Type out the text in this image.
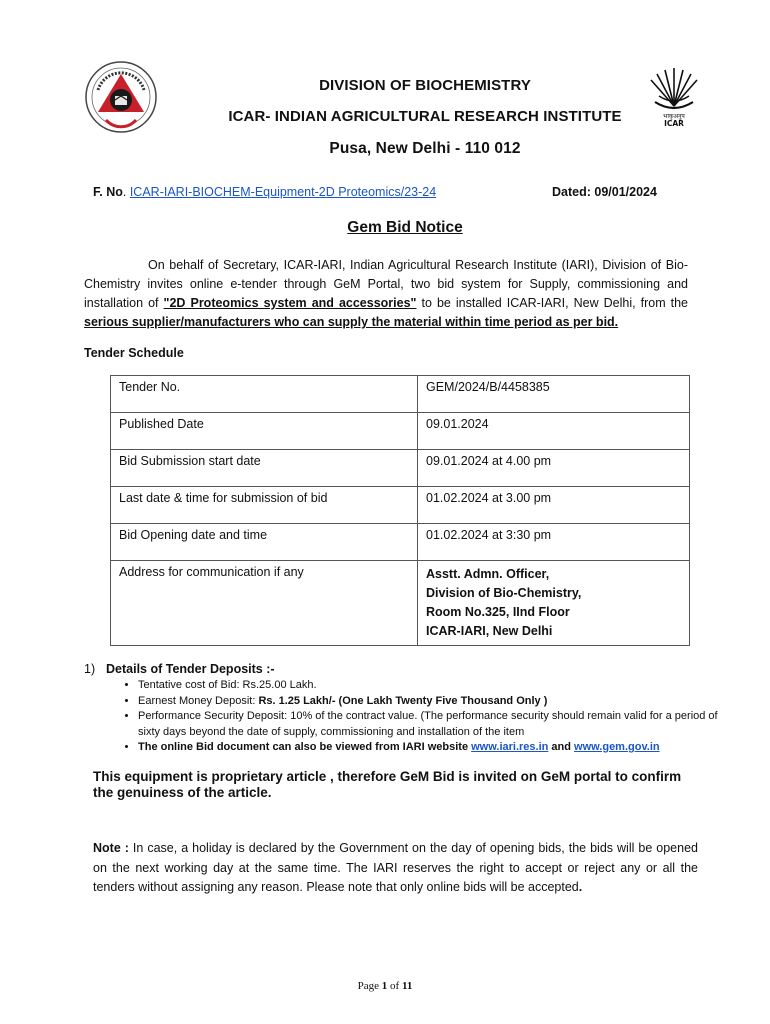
भाकृअनुप
ICAR
DIVISION OF BIOCHEMISTRY
ICAR- INDIAN AGRICULTURAL RESEARCH INSTITUTE
Pusa, New Delhi - 110 012
F. No. ICAR-IARI-BIOCHEM-Equipment-2D Proteomics/23-24	Dated: 09/01/2024
Gem Bid Notice
On behalf of Secretary, ICAR-IARI, Indian Agricultural Research Institute (IARI), Division of Bio-Chemistry invites online e-tender through GeM Portal, two bid system for Supply, commissioning and installation of "2D Proteomics system and accessories" to be installed ICAR-IARI, New Delhi, from the serious supplier/manufacturers who can supply the material within time period as per bid.
Tender Schedule
Tender No.	GEM/2024/B/4458385
Published Date	09.01.2024
Bid Submission start date	09.01.2024 at 4.00 pm
Last date & time for submission of bid	01.02.2024 at 3.00 pm
Bid Opening date and time	01.02.2024 at 3:30 pm
Address for communication if any	Asstt. Admn. Officer,
Division of Bio-Chemistry,
Room No.325, IInd Floor
ICAR-IARI, New Delhi
1) Details of Tender Deposits :-
• Tentative cost of Bid: Rs.25.00 Lakh.
• Earnest Money Deposit: Rs. 1.25 Lakh/- (One Lakh Twenty Five Thousand Only )
• Performance Security Deposit: 10% of the contract value. (The performance security should remain valid for a period of sixty days beyond the date of supply, commissioning and installation of the item
• The online Bid document can also be viewed from IARI website www.iari.res.in and www.gem.gov.in
This equipment is proprietary article , therefore GeM Bid is invited on GeM portal to confirm the genuiness of the article.
Note : In case, a holiday is declared by the Government on the day of opening bids, the bids will be opened on the next working day at the same time. The IARI reserves the right to accept or reject any or all the tenders without assigning any reason. Please note that only online bids will be accepted.
Page 1 of 11
